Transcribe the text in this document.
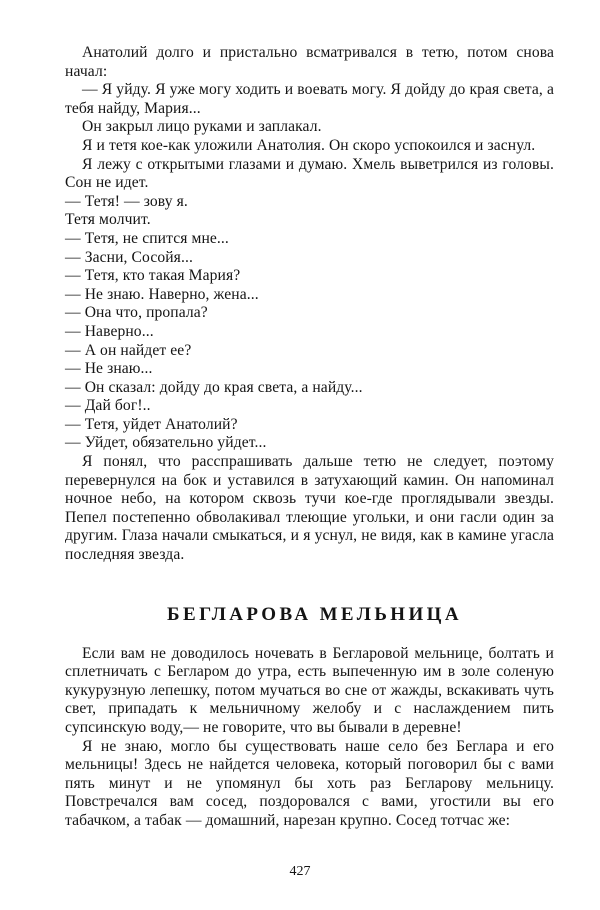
Анатолий долго и пристально всматривался в тетю, потом снова начал:

— Я уйду. Я уже могу ходить и воевать могу. Я дойду до края света, а тебя найду, Мария...

Он закрыл лицо руками и заплакал.

Я и тетя кое-как уложили Анатолия. Он скоро успокоился и заснул.

Я лежу с открытыми глазами и думаю. Хмель выветрился из головы. Сон не идет.

— Тетя! — зову я.

Тетя молчит.

— Тетя, не спится мне...

— Засни, Сосойя...

— Тетя, кто такая Мария?

— Не знаю. Наверно, жена...

— Она что, пропала?

— Наверно...

— А он найдет ее?

— Не знаю...

— Он сказал: дойду до края света, а найду...

— Дай бог!..

— Тетя, уйдет Анатолий?

— Уйдет, обязательно уйдет...

Я понял, что расспрашивать дальше тетю не следует, поэтому перевернулся на бок и уставился в затухающий камин. Он напоминал ночное небо, на котором сквозь тучи кое-где проглядывали звезды. Пепел постепенно обволакивал тлеющие угольки, и они гасли один за другим. Глаза начали смыкаться, и я уснул, не видя, как в камине угасла последняя звезда.

БЕГЛАРОВА МЕЛЬНИЦА

Если вам не доводилось ночевать в Бегларовой мельнице, болтать и сплетничать с Бегларом до утра, есть выпеченную им в золе соленую кукурузную лепешку, потом мучаться во сне от жажды, вскакивать чуть свет, припадать к мельничному желобу и с наслаждением пить супсинскую воду,— не говорите, что вы бывали в деревне!

Я не знаю, могло бы существовать наше село без Беглара и его мельницы! Здесь не найдется человека, который поговорил бы с вами пять минут и не упомянул бы хоть раз Бегларову мельницу. Повстречался вам сосед, поздоровался с вами, угостили вы его табачком, а табак — домашний, нарезан крупно. Сосед тотчас же:

427
